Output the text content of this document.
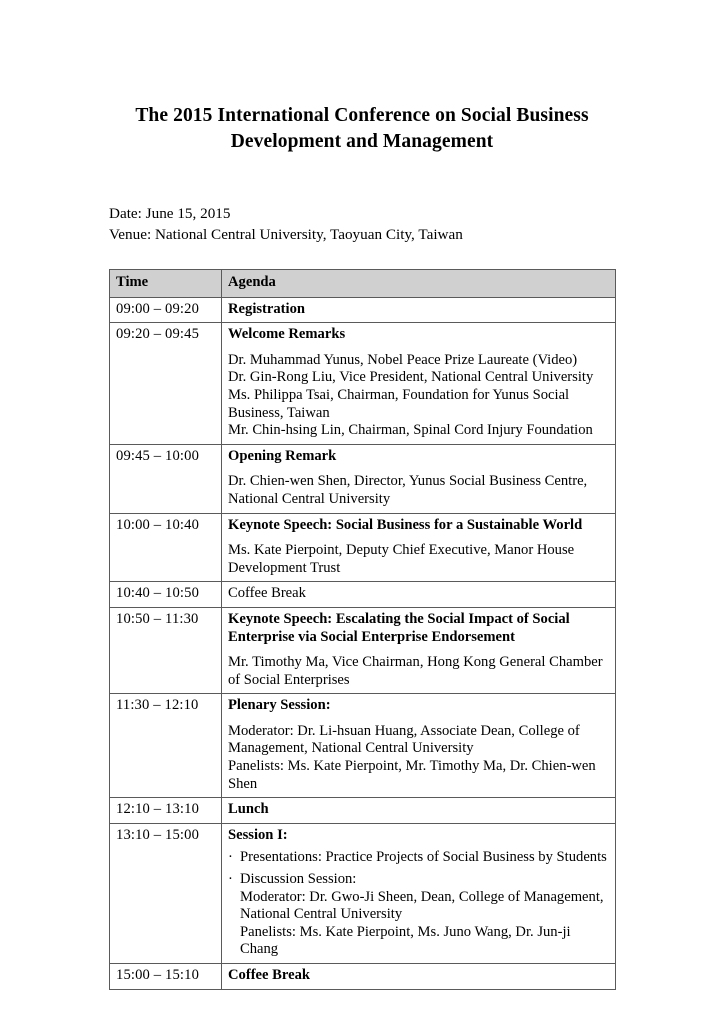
The 2015 International Conference on Social Business
Development and Management

Date: June 15, 2015

Venue: National Central University, Taoyuan City, Taiwan

Time	Agenda
09:00 – 09:20	Registration

09:20 – 09:45	Welcome Remarks

Dr. Muhammad Yunus, Nobel Peace Prize Laureate (Video)
Dr. Gin-Rong Liu, Vice President, National Central University
Ms. Philippa Tsai, Chairman, Foundation for Yunus Social
Business, Taiwan
Mr. Chin-hsing Lin, Chairman, Spinal Cord Injury Foundation

09:45 – 10:00	Opening Remark

Dr. Chien-wen Shen, Director, Yunus Social Business Centre,
National Central University

10:00 – 10:40	Keynote Speech: Social Business for a Sustainable World

Ms. Kate Pierpoint, Deputy Chief Executive, Manor House
Development Trust

10:40 – 10:50	Coffee Break

10:50 – 11:30	Keynote Speech: Escalating the Social Impact of Social Enterprise via Social Enterprise Endorsement

Mr. Timothy Ma, Vice Chairman, Hong Kong General Chamber
of Social Enterprises

11:30 – 12:10	Plenary Session:

Moderator: Dr. Li-hsuan Huang, Associate Dean, College of
Management, National Central University
Panelists: Ms. Kate Pierpoint, Mr. Timothy Ma, Dr. Chien-wen
Shen

12:10 – 13:10	Lunch

13:10 – 15:00	Session I:

· Presentations: Practice Projects of Social Business by Students
· Discussion Session:
Moderator: Dr. Gwo-Ji Sheen, Dean, College of Management,
National Central University
Panelists: Ms. Kate Pierpoint, Ms. Juno Wang, Dr. Jun-ji
Chang

15:00 – 15:10	Coffee Break
